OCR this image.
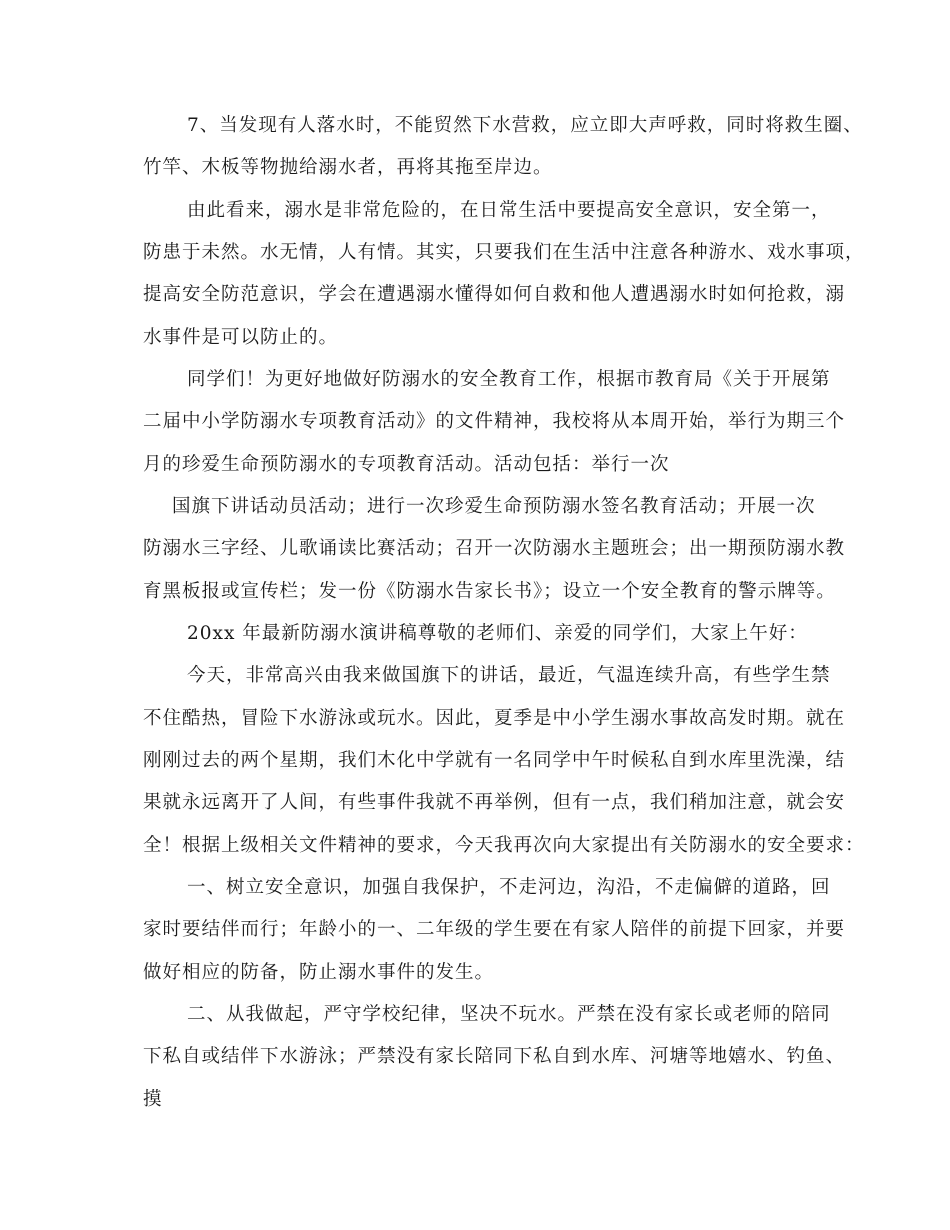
7、当发现有人落水时，不能贸然下水营救，应立即大声呼救，同时将救生圈、
竹竿、木板等物抛给溺水者，再将其拖至岸边。
由此看来，溺水是非常危险的，在日常生活中要提高安全意识，安全第一，
防患于未然。水无情，人有情。其实，只要我们在生活中注意各种游水、戏水事项，
提高安全防范意识，学会在遭遇溺水懂得如何自救和他人遭遇溺水时如何抢救，溺
水事件是可以防止的。
同学们！为更好地做好防溺水的安全教育工作，根据市教育局《关于开展第
二届中小学防溺水专项教育活动》的文件精神，我校将从本周开始，举行为期三个
月的珍爱生命预防溺水的专项教育活动。活动包括：举行一次
国旗下讲话动员活动；进行一次珍爱生命预防溺水签名教育活动；开展一次
防溺水三字经、儿歌诵读比赛活动；召开一次防溺水主题班会；出一期预防溺水教
育黑板报或宣传栏；发一份《防溺水告家长书》；设立一个安全教育的警示牌等。
20xx 年最新防溺水演讲稿尊敬的老师们、亲爱的同学们，大家上午好：
今天，非常高兴由我来做国旗下的讲话，最近，气温连续升高，有些学生禁
不住酷热，冒险下水游泳或玩水。因此，夏季是中小学生溺水事故高发时期。就在
刚刚过去的两个星期，我们木化中学就有一名同学中午时候私自到水库里洗澡，结
果就永远离开了人间，有些事件我就不再举例，但有一点，我们稍加注意，就会安
全！根据上级相关文件精神的要求，今天我再次向大家提出有关防溺水的安全要求：
一、树立安全意识，加强自我保护，不走河边，沟沿，不走偏僻的道路，回
家时要结伴而行；年龄小的一、二年级的学生要在有家人陪伴的前提下回家，并要
做好相应的防备，防止溺水事件的发生。
二、从我做起，严守学校纪律，坚决不玩水。严禁在没有家长或老师的陪同
下私自或结伴下水游泳；严禁没有家长陪同下私自到水库、河塘等地嬉水、钓鱼、
摸
